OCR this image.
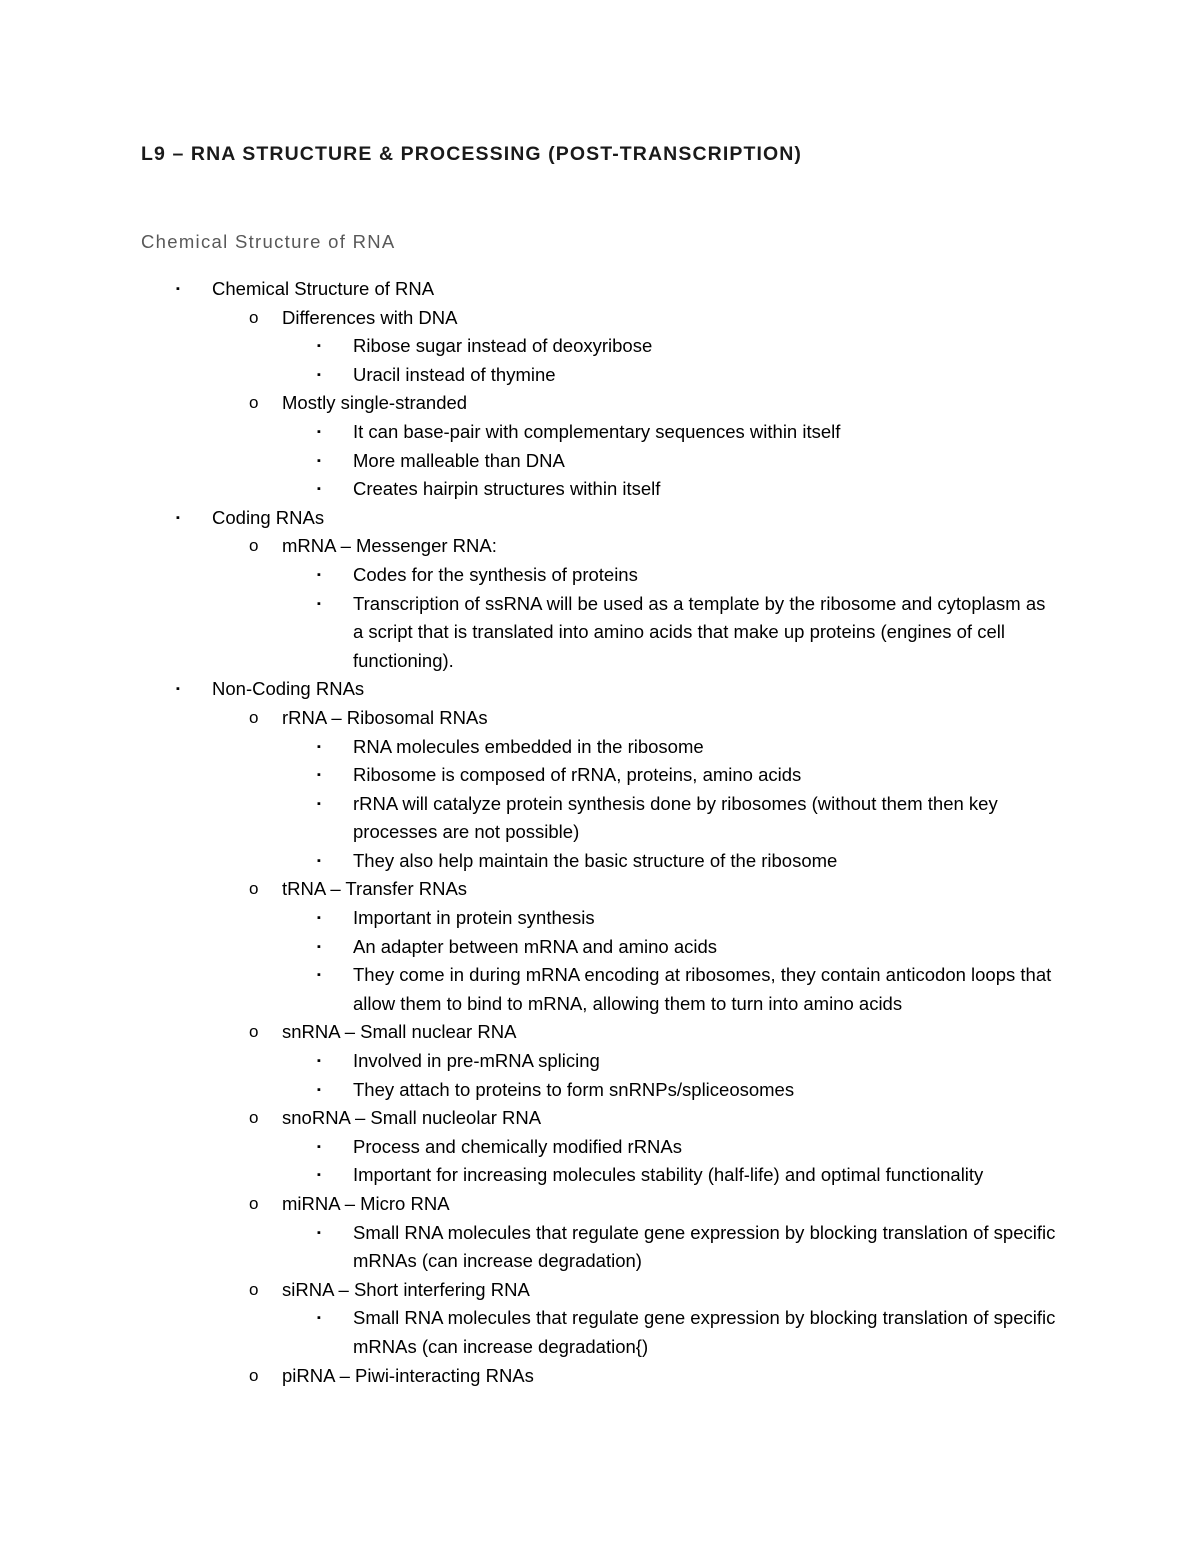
L9 – RNA STRUCTURE & PROCESSING (POST-TRANSCRIPTION)
Chemical Structure of RNA
▪ Chemical Structure of RNA
o Differences with DNA
▪ Ribose sugar instead of deoxyribose
▪ Uracil instead of thymine
o Mostly single-stranded
▪ It can base-pair with complementary sequences within itself
▪ More malleable than DNA
▪ Creates hairpin structures within itself
▪ Coding RNAs
o mRNA – Messenger RNA:
▪ Codes for the synthesis of proteins
▪ Transcription of ssRNA will be used as a template by the ribosome and cytoplasm as a script that is translated into amino acids that make up proteins (engines of cell functioning).
▪ Non-Coding RNAs
o rRNA – Ribosomal RNAs
▪ RNA molecules embedded in the ribosome
▪ Ribosome is composed of rRNA, proteins, amino acids
▪ rRNA will catalyze protein synthesis done by ribosomes (without them then key processes are not possible)
▪ They also help maintain the basic structure of the ribosome
o tRNA – Transfer RNAs
▪ Important in protein synthesis
▪ An adapter between mRNA and amino acids
▪ They come in during mRNA encoding at ribosomes, they contain anticodon loops that allow them to bind to mRNA, allowing them to turn into amino acids
o snRNA – Small nuclear RNA
▪ Involved in pre-mRNA splicing
▪ They attach to proteins to form snRNPs/spliceosomes
o snoRNA – Small nucleolar RNA
▪ Process and chemically modified rRNAs
▪ Important for increasing molecules stability (half-life) and optimal functionality
o miRNA – Micro RNA
▪ Small RNA molecules that regulate gene expression by blocking translation of specific mRNAs (can increase degradation)
o siRNA – Short interfering RNA
▪ Small RNA molecules that regulate gene expression by blocking translation of specific mRNAs (can increase degradation{)
o piRNA – Piwi-interacting RNAs
